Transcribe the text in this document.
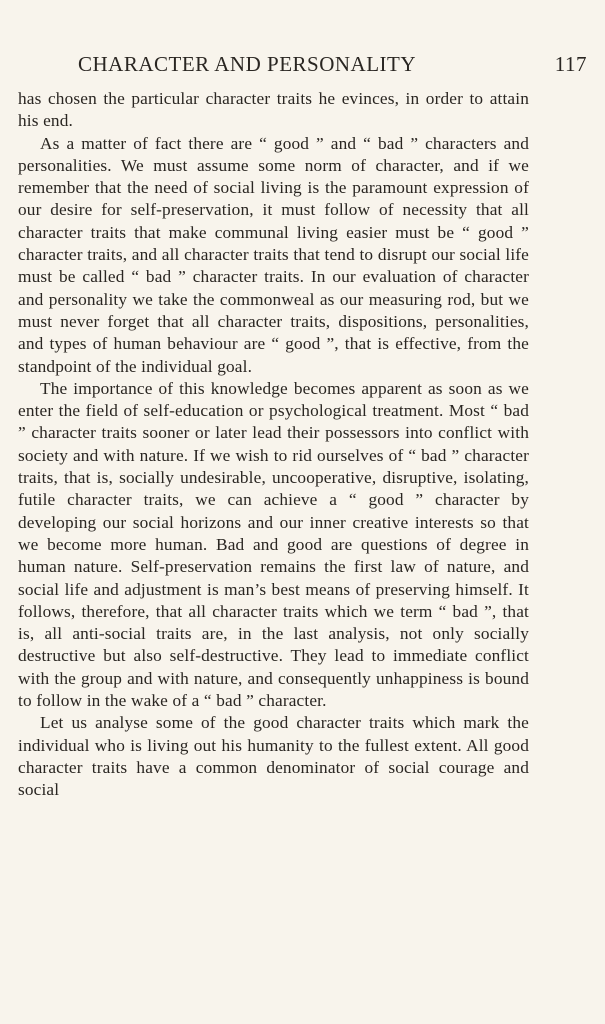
CHARACTER AND PERSONALITY	117

has chosen the particular character traits he evinces, in order to attain his end.

As a matter of fact there are “ good ” and “ bad ” characters and personalities. We must assume some norm of character, and if we remember that the need of social living is the paramount expression of our desire for self-preservation, it must follow of necessity that all character traits that make communal living easier must be “ good ” character traits, and all character traits that tend to disrupt our social life must be called “ bad ” character traits. In our evaluation of character and personality we take the commonweal as our measuring rod, but we must never forget that all character traits, dispositions, personalities, and types of human behaviour are “ good ”, that is effective, from the standpoint of the individual goal.

The importance of this knowledge becomes apparent as soon as we enter the field of self-education or psychological treatment. Most “ bad ” character traits sooner or later lead their possessors into conflict with society and with nature. If we wish to rid ourselves of “ bad ” character traits, that is, socially undesirable, uncooperative, disruptive, isolating, futile character traits, we can achieve a “ good ” character by developing our social horizons and our inner creative interests so that we become more human. Bad and good are questions of degree in human nature. Self-preservation remains the first law of nature, and social life and adjustment is man’s best means of preserving himself. It follows, therefore, that all character traits which we term “ bad ”, that is, all anti-social traits are, in the last analysis, not only socially destructive but also self-destructive. They lead to immediate conflict with the group and with nature, and consequently unhappiness is bound to follow in the wake of a “ bad ” character.

Let us analyse some of the good character traits which mark the individual who is living out his humanity to the fullest extent. All good character traits have a common denominator of social courage and social
